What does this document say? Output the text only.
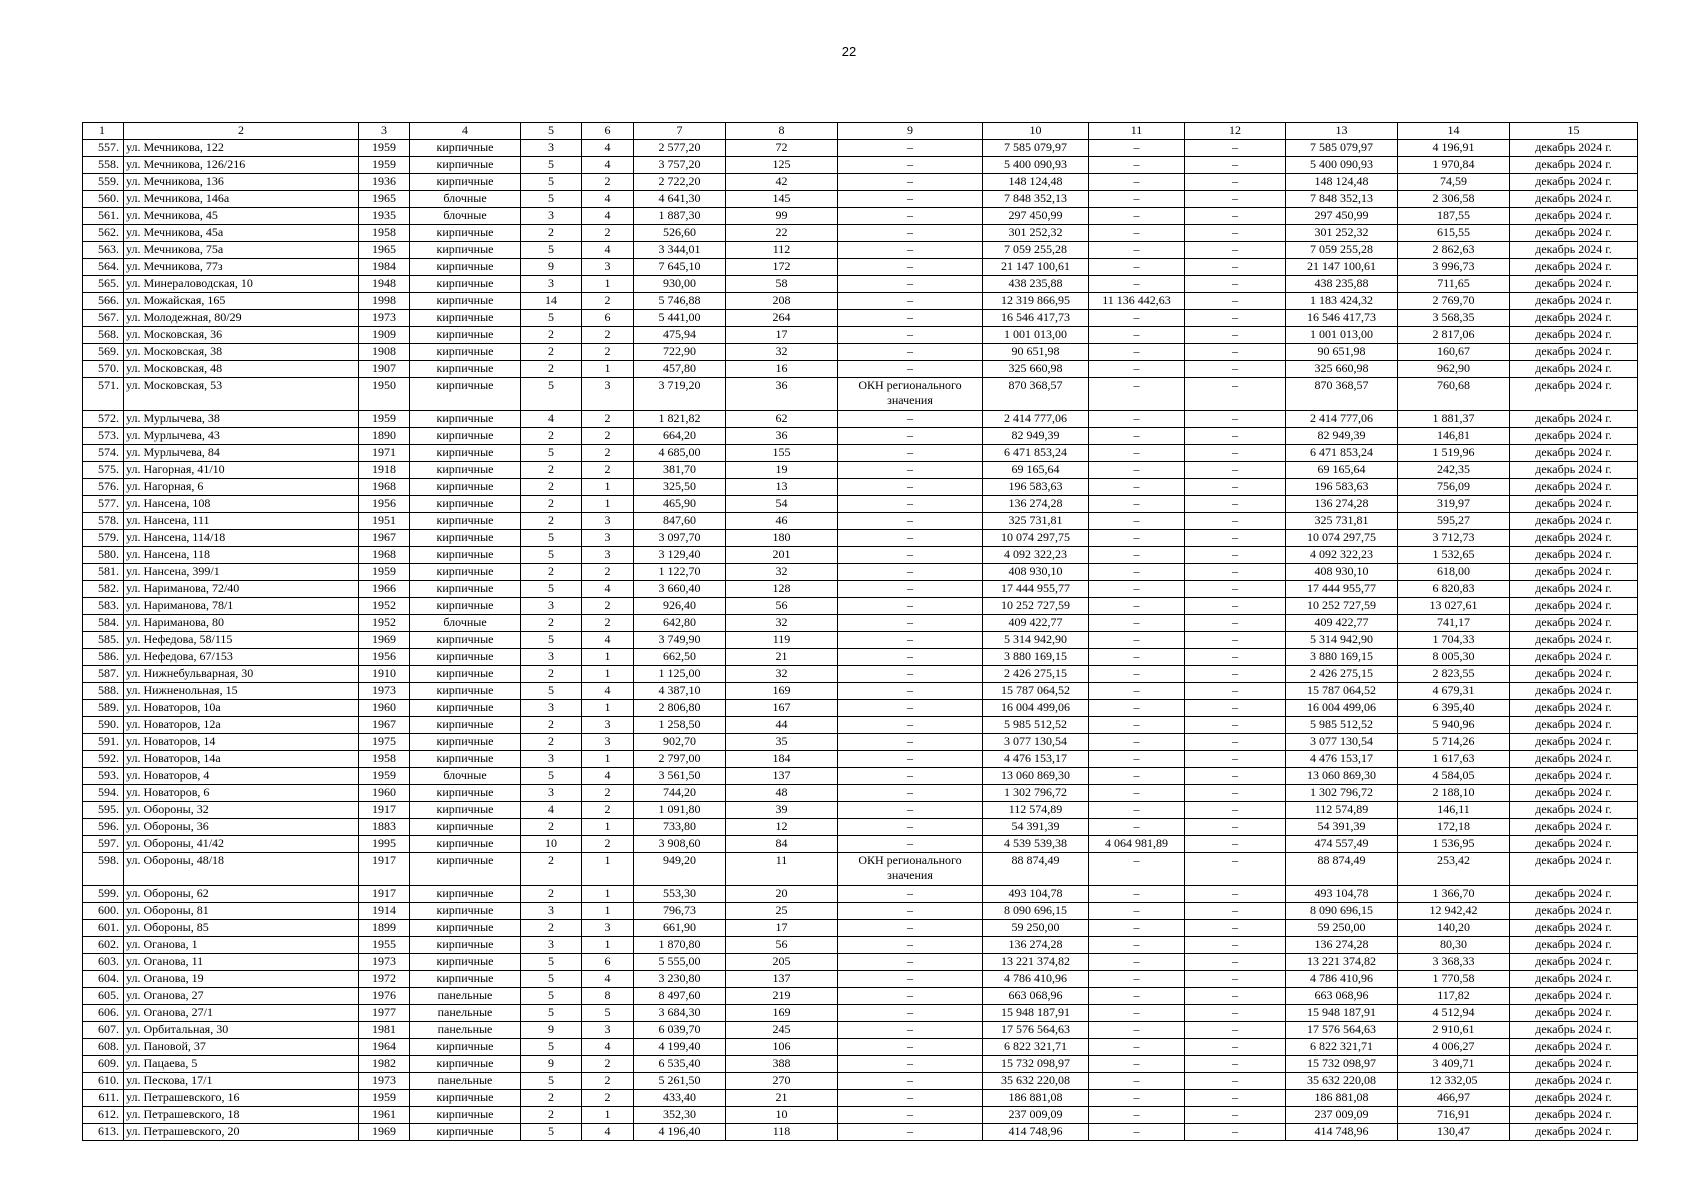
22
1	2	3	4	5	6	7	8	9	10	11	12	13	14	15
557.	ул. Мечникова, 122	1959	кирпичные	3	4	2 577,20	72	–	7 585 079,97	–	–	7 585 079,97	4 196,91	декабрь 2024 г.
558.	ул. Мечникова, 126/216	1959	кирпичные	5	4	3 757,20	125	–	5 400 090,93	–	–	5 400 090,93	1 970,84	декабрь 2024 г.
559.	ул. Мечникова, 136	1936	кирпичные	5	2	2 722,20	42	–	148 124,48	–	–	148 124,48	74,59	декабрь 2024 г.
560.	ул. Мечникова, 146а	1965	блочные	5	4	4 641,30	145	–	7 848 352,13	–	–	7 848 352,13	2 306,58	декабрь 2024 г.
561.	ул. Мечникова, 45	1935	блочные	3	4	1 887,30	99	–	297 450,99	–	–	297 450,99	187,55	декабрь 2024 г.
562.	ул. Мечникова, 45а	1958	кирпичные	2	2	526,60	22	–	301 252,32	–	–	301 252,32	615,55	декабрь 2024 г.
563.	ул. Мечникова, 75а	1965	кирпичные	5	4	3 344,01	112	–	7 059 255,28	–	–	7 059 255,28	2 862,63	декабрь 2024 г.
564.	ул. Мечникова, 77з	1984	кирпичные	9	3	7 645,10	172	–	21 147 100,61	–	–	21 147 100,61	3 996,73	декабрь 2024 г.
565.	ул. Минераловодская, 10	1948	кирпичные	3	1	930,00	58	–	438 235,88	–	–	438 235,88	711,65	декабрь 2024 г.
566.	ул. Можайская, 165	1998	кирпичные	14	2	5 746,88	208	–	12 319 866,95	11 136 442,63	–	1 183 424,32	2 769,70	декабрь 2024 г.
567.	ул. Молодежная, 80/29	1973	кирпичные	5	6	5 441,00	264	–	16 546 417,73	–	–	16 546 417,73	3 568,35	декабрь 2024 г.
568.	ул. Московская, 36	1909	кирпичные	2	2	475,94	17	–	1 001 013,00	–	–	1 001 013,00	2 817,06	декабрь 2024 г.
569.	ул. Московская, 38	1908	кирпичные	2	2	722,90	32	–	90 651,98	–	–	90 651,98	160,67	декабрь 2024 г.
570.	ул. Московская, 48	1907	кирпичные	2	1	457,80	16	–	325 660,98	–	–	325 660,98	962,90	декабрь 2024 г.
571.	ул. Московская, 53	1950	кирпичные	5	3	3 719,20	36	ОКН регионального значения	870 368,57	–	–	870 368,57	760,68	декабрь 2024 г.
572.	ул. Мурлычева, 38	1959	кирпичные	4	2	1 821,82	62	–	2 414 777,06	–	–	2 414 777,06	1 881,37	декабрь 2024 г.
573.	ул. Мурлычева, 43	1890	кирпичные	2	2	664,20	36	–	82 949,39	–	–	82 949,39	146,81	декабрь 2024 г.
574.	ул. Мурлычева, 84	1971	кирпичные	5	2	4 685,00	155	–	6 471 853,24	–	–	6 471 853,24	1 519,96	декабрь 2024 г.
575.	ул. Нагорная, 41/10	1918	кирпичные	2	2	381,70	19	–	69 165,64	–	–	69 165,64	242,35	декабрь 2024 г.
576.	ул. Нагорная, 6	1968	кирпичные	2	1	325,50	13	–	196 583,63	–	–	196 583,63	756,09	декабрь 2024 г.
577.	ул. Нансена, 108	1956	кирпичные	2	1	465,90	54	–	136 274,28	–	–	136 274,28	319,97	декабрь 2024 г.
578.	ул. Нансена, 111	1951	кирпичные	2	3	847,60	46	–	325 731,81	–	–	325 731,81	595,27	декабрь 2024 г.
579.	ул. Нансена, 114/18	1967	кирпичные	5	3	3 097,70	180	–	10 074 297,75	–	–	10 074 297,75	3 712,73	декабрь 2024 г.
580.	ул. Нансена, 118	1968	кирпичные	5	3	3 129,40	201	–	4 092 322,23	–	–	4 092 322,23	1 532,65	декабрь 2024 г.
581.	ул. Нансена, 399/1	1959	кирпичные	2	2	1 122,70	32	–	408 930,10	–	–	408 930,10	618,00	декабрь 2024 г.
582.	ул. Нариманова, 72/40	1966	кирпичные	5	4	3 660,40	128	–	17 444 955,77	–	–	17 444 955,77	6 820,83	декабрь 2024 г.
583.	ул. Нариманова, 78/1	1952	кирпичные	3	2	926,40	56	–	10 252 727,59	–	–	10 252 727,59	13 027,61	декабрь 2024 г.
584.	ул. Нариманова, 80	1952	блочные	2	2	642,80	32	–	409 422,77	–	–	409 422,77	741,17	декабрь 2024 г.
585.	ул. Нефедова, 58/115	1969	кирпичные	5	4	3 749,90	119	–	5 314 942,90	–	–	5 314 942,90	1 704,33	декабрь 2024 г.
586.	ул. Нефедова, 67/153	1956	кирпичные	3	1	662,50	21	–	3 880 169,15	–	–	3 880 169,15	8 005,30	декабрь 2024 г.
587.	ул. Нижнебульварная, 30	1910	кирпичные	2	1	1 125,00	32	–	2 426 275,15	–	–	2 426 275,15	2 823,55	декабрь 2024 г.
588.	ул. Нижненольная, 15	1973	кирпичные	5	4	4 387,10	169	–	15 787 064,52	–	–	15 787 064,52	4 679,31	декабрь 2024 г.
589.	ул. Новаторов, 10а	1960	кирпичные	3	1	2 806,80	167	–	16 004 499,06	–	–	16 004 499,06	6 395,40	декабрь 2024 г.
590.	ул. Новаторов, 12а	1967	кирпичные	2	3	1 258,50	44	–	5 985 512,52	–	–	5 985 512,52	5 940,96	декабрь 2024 г.
591.	ул. Новаторов, 14	1975	кирпичные	2	3	902,70	35	–	3 077 130,54	–	–	3 077 130,54	5 714,26	декабрь 2024 г.
592.	ул. Новаторов, 14а	1958	кирпичные	3	1	2 797,00	184	–	4 476 153,17	–	–	4 476 153,17	1 617,63	декабрь 2024 г.
593.	ул. Новаторов, 4	1959	блочные	5	4	3 561,50	137	–	13 060 869,30	–	–	13 060 869,30	4 584,05	декабрь 2024 г.
594.	ул. Новаторов, 6	1960	кирпичные	3	2	744,20	48	–	1 302 796,72	–	–	1 302 796,72	2 188,10	декабрь 2024 г.
595.	ул. Обороны, 32	1917	кирпичные	4	2	1 091,80	39	–	112 574,89	–	–	112 574,89	146,11	декабрь 2024 г.
596.	ул. Обороны, 36	1883	кирпичные	2	1	733,80	12	–	54 391,39	–	–	54 391,39	172,18	декабрь 2024 г.
597.	ул. Обороны, 41/42	1995	кирпичные	10	2	3 908,60	84	–	4 539 539,38	4 064 981,89	–	474 557,49	1 536,95	декабрь 2024 г.
598.	ул. Обороны, 48/18	1917	кирпичные	2	1	949,20	11	ОКН регионального значения	88 874,49	–	–	88 874,49	253,42	декабрь 2024 г.
599.	ул. Обороны, 62	1917	кирпичные	2	1	553,30	20	–	493 104,78	–	–	493 104,78	1 366,70	декабрь 2024 г.
600.	ул. Обороны, 81	1914	кирпичные	3	1	796,73	25	–	8 090 696,15	–	–	8 090 696,15	12 942,42	декабрь 2024 г.
601.	ул. Обороны, 85	1899	кирпичные	2	3	661,90	17	–	59 250,00	–	–	59 250,00	140,20	декабрь 2024 г.
602.	ул. Оганова, 1	1955	кирпичные	3	1	1 870,80	56	–	136 274,28	–	–	136 274,28	80,30	декабрь 2024 г.
603.	ул. Оганова, 11	1973	кирпичные	5	6	5 555,00	205	–	13 221 374,82	–	–	13 221 374,82	3 368,33	декабрь 2024 г.
604.	ул. Оганова, 19	1972	кирпичные	5	4	3 230,80	137	–	4 786 410,96	–	–	4 786 410,96	1 770,58	декабрь 2024 г.
605.	ул. Оганова, 27	1976	панельные	5	8	8 497,60	219	–	663 068,96	–	–	663 068,96	117,82	декабрь 2024 г.
606.	ул. Оганова, 27/1	1977	панельные	5	5	3 684,30	169	–	15 948 187,91	–	–	15 948 187,91	4 512,94	декабрь 2024 г.
607.	ул. Орбитальная, 30	1981	панельные	9	3	6 039,70	245	–	17 576 564,63	–	–	17 576 564,63	2 910,61	декабрь 2024 г.
608.	ул. Пановой, 37	1964	кирпичные	5	4	4 199,40	106	–	6 822 321,71	–	–	6 822 321,71	4 006,27	декабрь 2024 г.
609.	ул. Пацаева, 5	1982	кирпичные	9	2	6 535,40	388	–	15 732 098,97	–	–	15 732 098,97	3 409,71	декабрь 2024 г.
610.	ул. Пескова, 17/1	1973	панельные	5	2	5 261,50	270	–	35 632 220,08	–	–	35 632 220,08	12 332,05	декабрь 2024 г.
611.	ул. Петрашевского, 16	1959	кирпичные	2	2	433,40	21	–	186 881,08	–	–	186 881,08	466,97	декабрь 2024 г.
612.	ул. Петрашевского, 18	1961	кирпичные	2	1	352,30	10	–	237 009,09	–	–	237 009,09	716,91	декабрь 2024 г.
613.	ул. Петрашевского, 20	1969	кирпичные	5	4	4 196,40	118	–	414 748,96	–	–	414 748,96	130,47	декабрь 2024 г.
